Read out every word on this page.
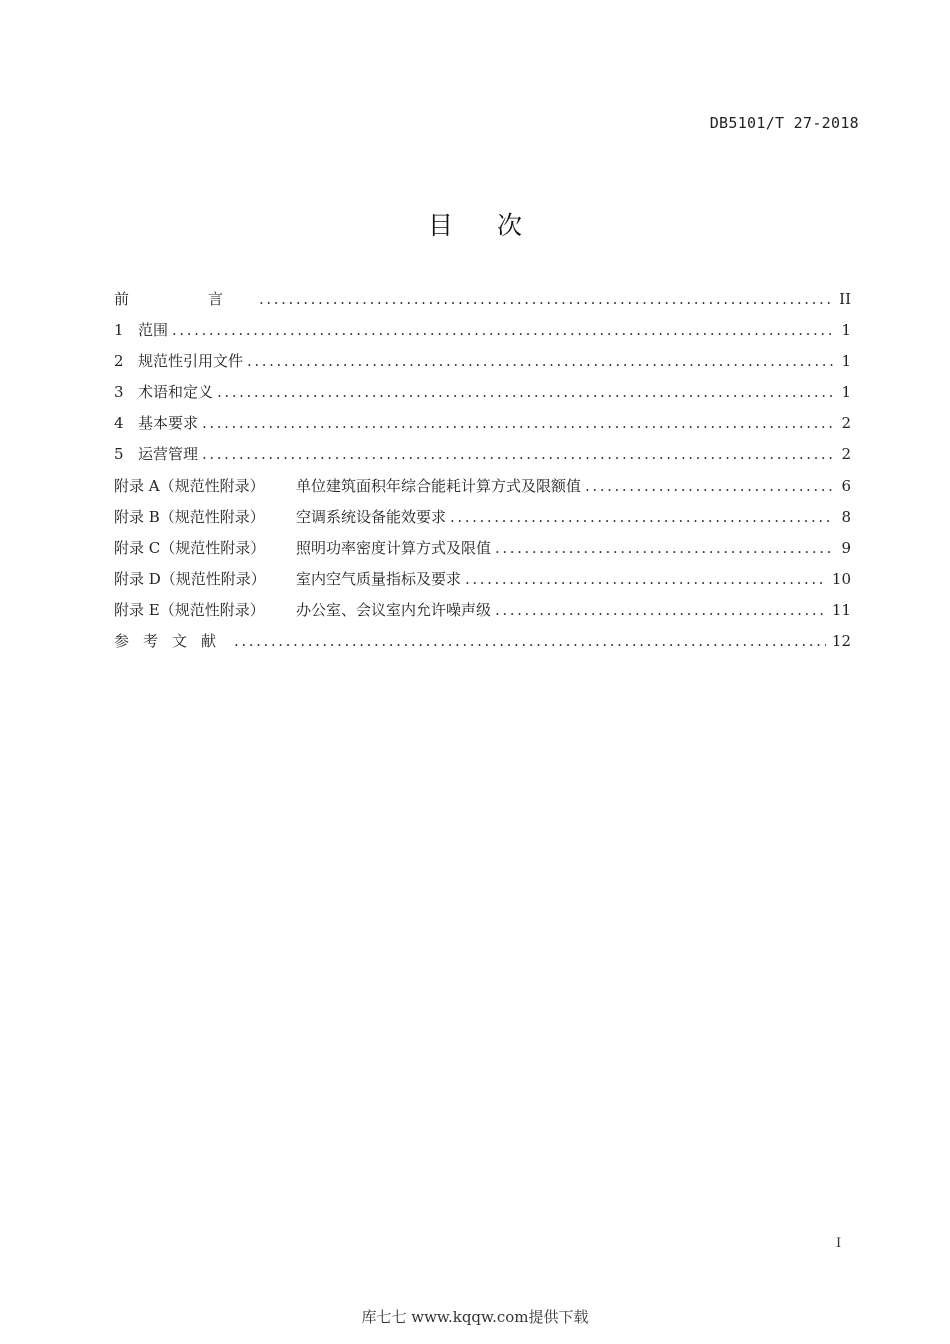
DB5101/T 27-2018
目 次
前　言 .....	II
1 范围 .....	1
2 规范性引用文件 .....	1
3 术语和定义 .....	1
4 基本要求 .....	2
5 运营管理 .....	2
附录 A（规范性附录） 单位建筑面积年综合能耗计算方式及限额值 .....	6
附录 B（规范性附录） 空调系统设备能效要求 .....	8
附录 C（规范性附录） 照明功率密度计算方式及限值 .....	9
附录 D（规范性附录） 室内空气质量指标及要求 .....	10
附录 E（规范性附录） 办公室、会议室内允许噪声级 .....	11
参考文献 .....	12
I
库七七 www.kqqw.com提供下载
